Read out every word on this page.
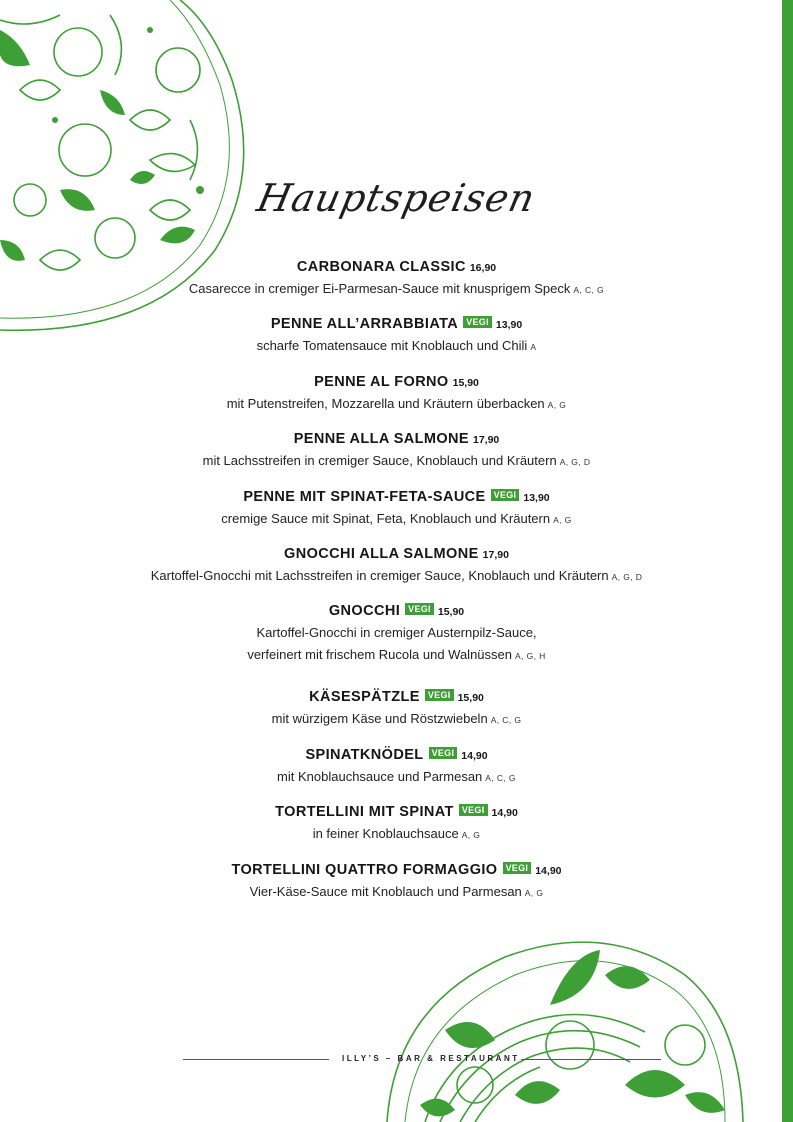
Hauptspeisen
CARBONARA CLASSIC 16,90
Casarecce in cremiger Ei-Parmesan-Sauce mit knusprigem Speck A, C, G
PENNE ALL’ARRABBIATA VEGI 13,90
scharfe Tomatensauce mit Knoblauch und Chili A
PENNE AL FORNO 15,90
mit Putenstreifen, Mozzarella und Kräutern überbacken A, G
PENNE ALLA SALMONE 17,90
mit Lachsstreifen in cremiger Sauce, Knoblauch und Kräutern A, G, D
PENNE MIT SPINAT-FETA-SAUCE VEGI 13,90
cremige Sauce mit Spinat, Feta, Knoblauch und Kräutern A, G
GNOCCHI ALLA SALMONE 17,90
Kartoffel-Gnocchi mit Lachsstreifen in cremiger Sauce, Knoblauch und Kräutern A, G, D
GNOCCHI VEGI 15,90
Kartoffel-Gnocchi in cremiger Austernpilz-Sauce,
verfeinert mit frischem Rucola und Walnüssen A, G, H
KÄSESPÄTZLE VEGI 15,90
mit würzigem Käse und Röstzwiebeln A, C, G
SPINATKNÖDEL VEGI 14,90
mit Knoblauchsauce und Parmesan A, C, G
TORTELLINI MIT SPINAT VEGI 14,90
in feiner Knoblauchsauce A, G
TORTELLINI QUATTRO FORMAGGIO VEGI 14,90
Vier-Käse-Sauce mit Knoblauch und Parmesan A, G
ILLY’S – BAR & RESTAURANT
